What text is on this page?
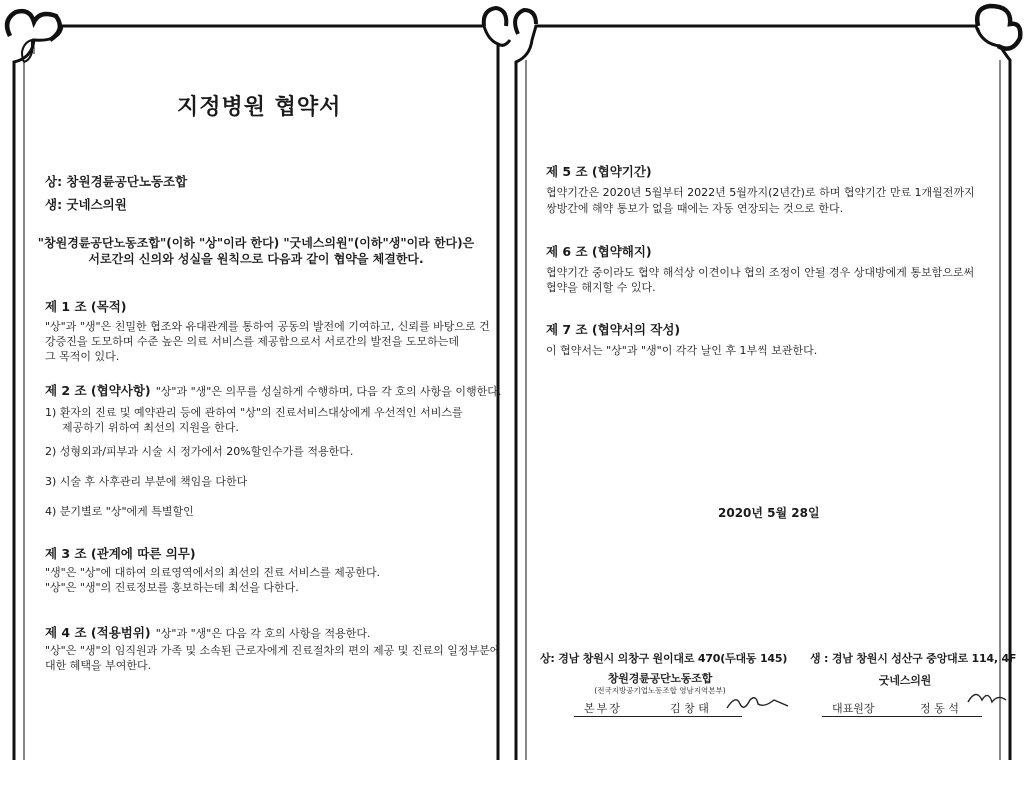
지정병원 협약서
상: 창원경륜공단노동조합
생: 굿네스의원
"창원경륜공단노동조합"(이하 "상"이라 한다) "굿네스의원"(이하"생"이라 한다)은
서로간의 신의와 성실을 원칙으로 다음과 같이 협약을 체결한다.
제 1 조 (목적)
"상"과 "생"은 친밀한 협조와 유대관계를 통하여 공동의 발전에 기여하고, 신뢰를 바탕으로 건
강증진을 도모하며 수준 높은 의료 서비스를 제공함으로서 서로간의 발전을 도모하는데
그 목적이 있다.
제 2 조 (협약사항) "상"과 "생"은 의무를 성실하게 수행하며, 다음 각 호의 사항을 이행한다.
1) 환자의 진료 및 예약관리 등에 관하여 "상"의 진료서비스대상에게 우선적인 서비스를
제공하기 위하여 최선의 지원을 한다.
2) 성형외과/피부과 시술 시 정가에서 20%할인수가를 적용한다.
3) 시술 후 사후관리 부분에 책임을 다한다
4) 분기별로 "상"에게 특별할인
제 3 조 (관계에 따른 의무)
"생"은 "상"에 대하여 의료영역에서의 최선의 진료 서비스를 제공한다.
"상"은 "생"의 진료정보를 홍보하는데 최선을 다한다.
제 4 조 (적용범위) "상"과 "생"은 다음 각 호의 사항을 적용한다.
"상"은 "생"의 임직원과 가족 및 소속된 근로자에게 진료절차의 편의 제공 및 진료의 일정부분에
대한 혜택을 부여한다.
제 5 조 (협약기간)
협약기간은 2020년 5월부터 2022년 5월까지(2년간)로 하며 협약기간 만료 1개월전까지
쌍방간에 해약 통보가 없을 때에는 자동 연장되는 것으로 한다.
제 6 조 (협약해지)
협약기간 중이라도 협약 해석상 이견이나 협의 조정이 안될 경우 상대방에게 통보함으로써
협약을 해지할 수 있다.
제 7 조 (협약서의 작성)
이 협약서는 "상"과 "생"이 각각 날인 후 1부씩 보관한다.
2020년 5월 28일
상: 경남 창원시 의창구 원이대로 470(두대동 145)
창원경륜공단노동조합
(전국지방공기업노동조합 영남지역본부)
본부장	김 창 태
생 : 경남 창원시 성산구 중앙대로 114, 4F
굿네스의원
대표원장	정 동 석
